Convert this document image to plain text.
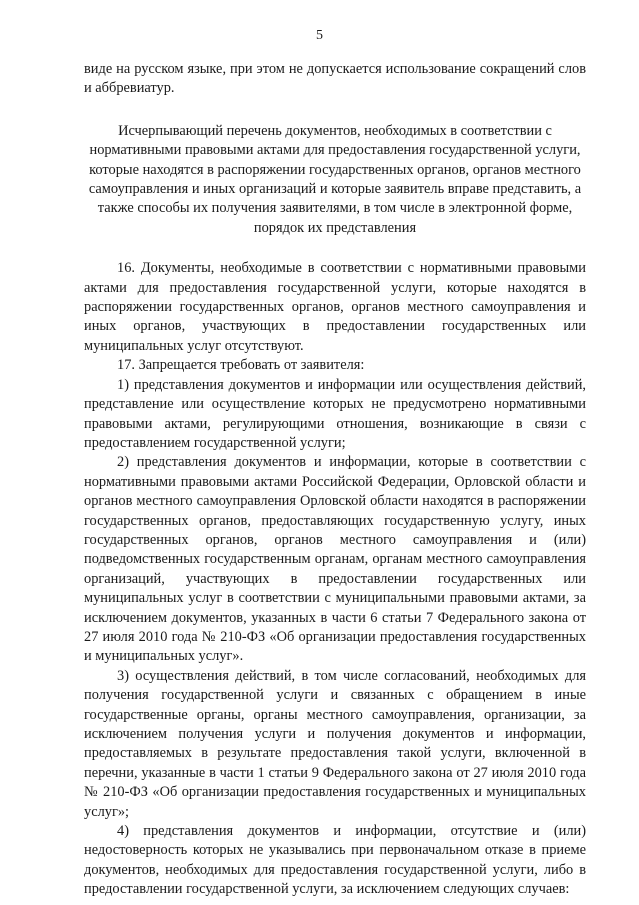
5

виде на русском языке, при этом не допускается использование сокращений слов и аббревиатур.

Исчерпывающий перечень документов, необходимых в соответствии с нормативными правовыми актами для предоставления государственной услуги, которые находятся в распоряжении государственных органов, органов местного самоуправления и иных организаций и которые заявитель вправе представить, а также способы их получения заявителями, в том числе в электронной форме, порядок их представления

16. Документы, необходимые в соответствии с нормативными правовыми актами для предоставления государственной услуги, которые находятся в распоряжении государственных органов, органов местного самоуправления и иных органов, участвующих в предоставлении государственных или муниципальных услуг отсутствуют.

17. Запрещается требовать от заявителя:

1) представления документов и информации или осуществления действий, представление или осуществление которых не предусмотрено нормативными правовыми актами, регулирующими отношения, возникающие в связи с предоставлением государственной услуги;

2) представления документов и информации, которые в соответствии с нормативными правовыми актами Российской Федерации, Орловской области и органов местного самоуправления Орловской области находятся в распоряжении государственных органов, предоставляющих государственную услугу, иных государственных органов, органов местного самоуправления и (или) подведомственных государственным органам, органам местного самоуправления организаций, участвующих в предоставлении государственных или муниципальных услуг в соответствии с муниципальными правовыми актами, за исключением документов, указанных в части 6 статьи 7 Федерального закона от 27 июля 2010 года № 210-ФЗ «Об организации предоставления государственных и муниципальных услуг».

3) осуществления действий, в том числе согласований, необходимых для получения государственной услуги и связанных с обращением в иные государственные органы, органы местного самоуправления, организации, за исключением получения услуги и получения документов и информации, предоставляемых в результате предоставления такой услуги, включенной в перечни, указанные в части 1 статьи 9 Федерального закона от 27 июля 2010 года № 210-ФЗ «Об организации предоставления государственных и муниципальных услуг»;

4) представления документов и информации, отсутствие и (или) недостоверность которых не указывались при первоначальном отказе в приеме документов, необходимых для предоставления государственной услуги, либо в предоставлении государственной услуги, за исключением следующих случаев:
